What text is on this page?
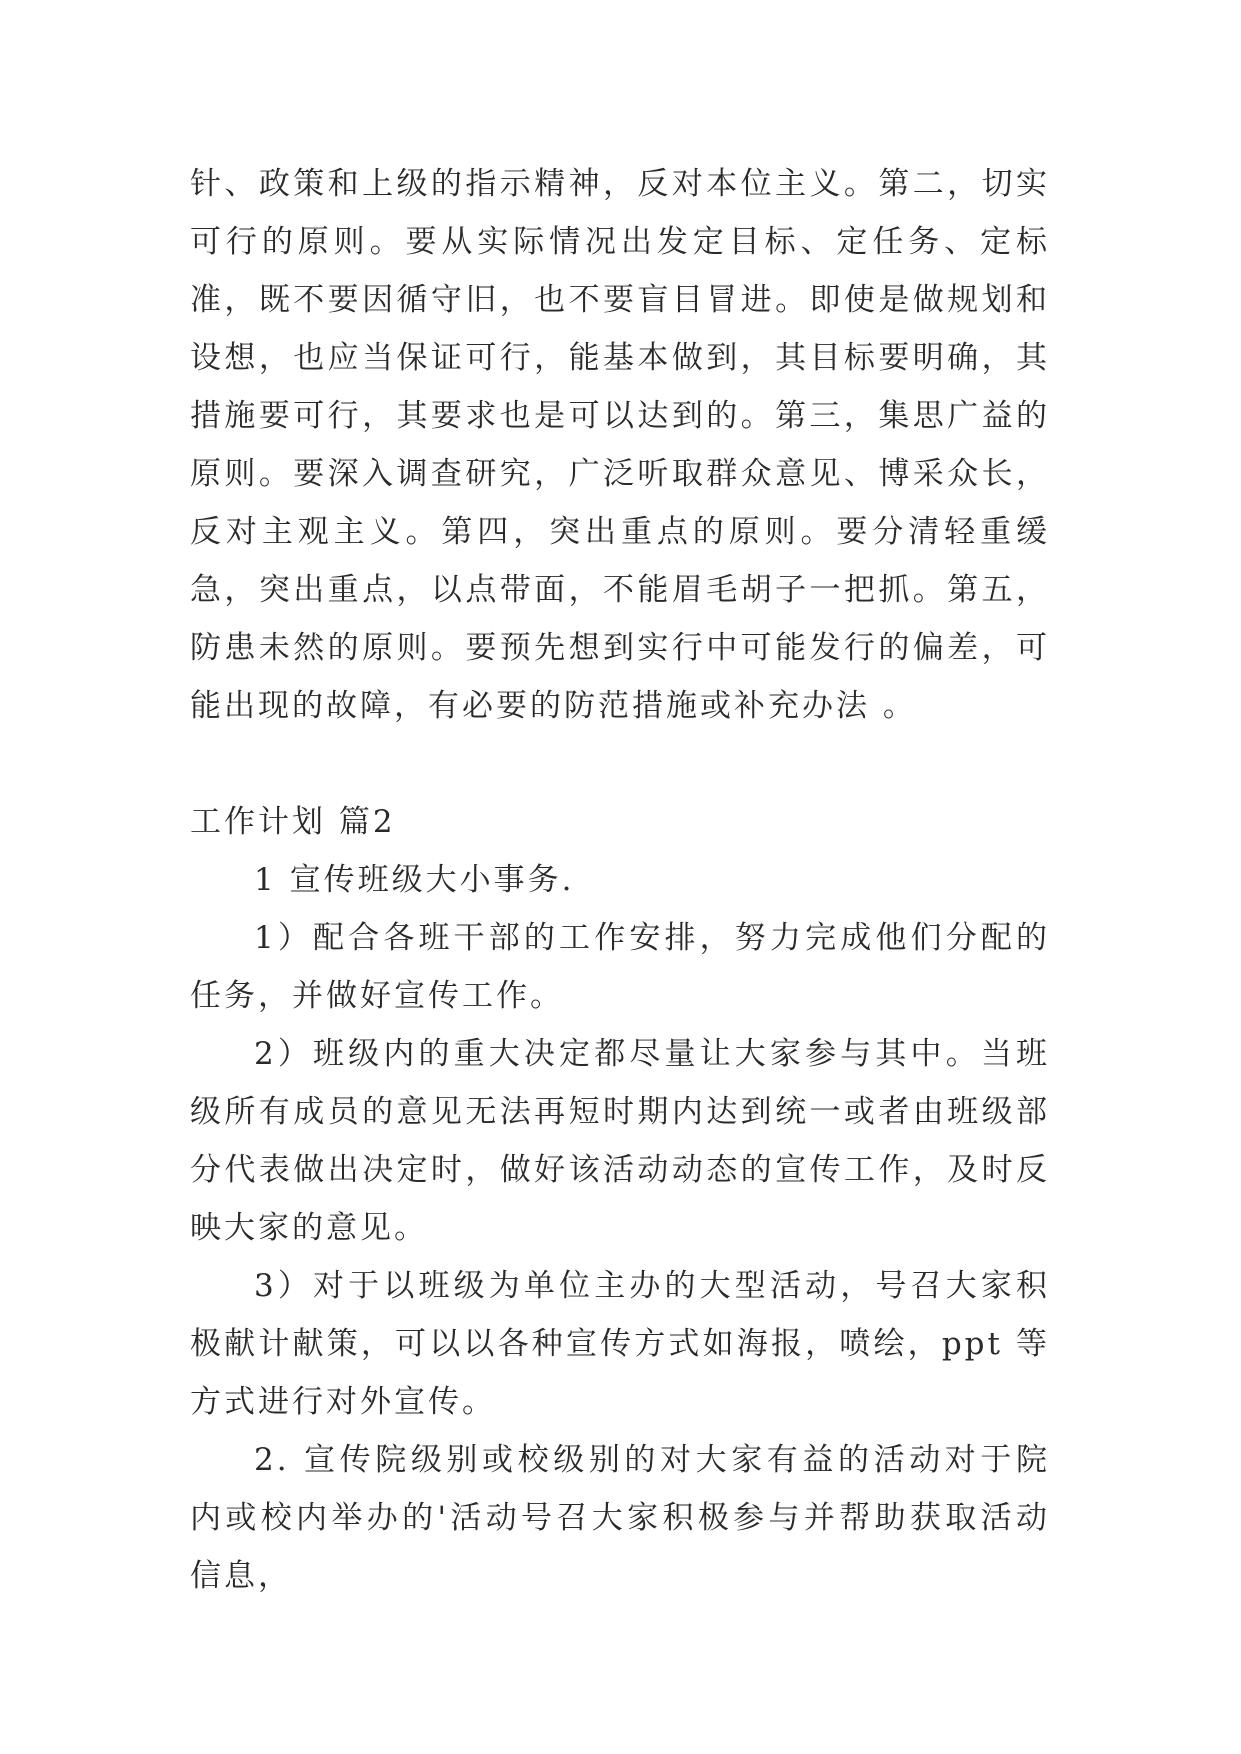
针、政策和上级的指示精神，反对本位主义。第二，切实可行的原则。要从实际情况出发定目标、定任务、定标准，既不要因循守旧，也不要盲目冒进。即使是做规划和设想，也应当保证可行，能基本做到，其目标要明确，其措施要可行，其要求也是可以达到的。第三，集思广益的原则。要深入调查研究，广泛听取群众意见、博采众长，反对主观主义。第四，突出重点的原则。要分清轻重缓急，突出重点，以点带面，不能眉毛胡子一把抓。第五，防患未然的原则。要预先想到实行中可能发行的偏差，可能出现的故障，有必要的防范措施或补充办法 。

工作计划 篇2

1 宣传班级大小事务.

1）配合各班干部的工作安排，努力完成他们分配的任务，并做好宣传工作。

2）班级内的重大决定都尽量让大家参与其中。当班级所有成员的意见无法再短时期内达到统一或者由班级部分代表做出决定时，做好该活动动态的宣传工作，及时反映大家的意见。

3）对于以班级为单位主办的大型活动，号召大家积极献计献策，可以以各种宣传方式如海报，喷绘，ppt 等方式进行对外宣传。

2. 宣传院级别或校级别的对大家有益的活动对于院内或校内举办的'活动号召大家积极参与并帮助获取活动信息，
